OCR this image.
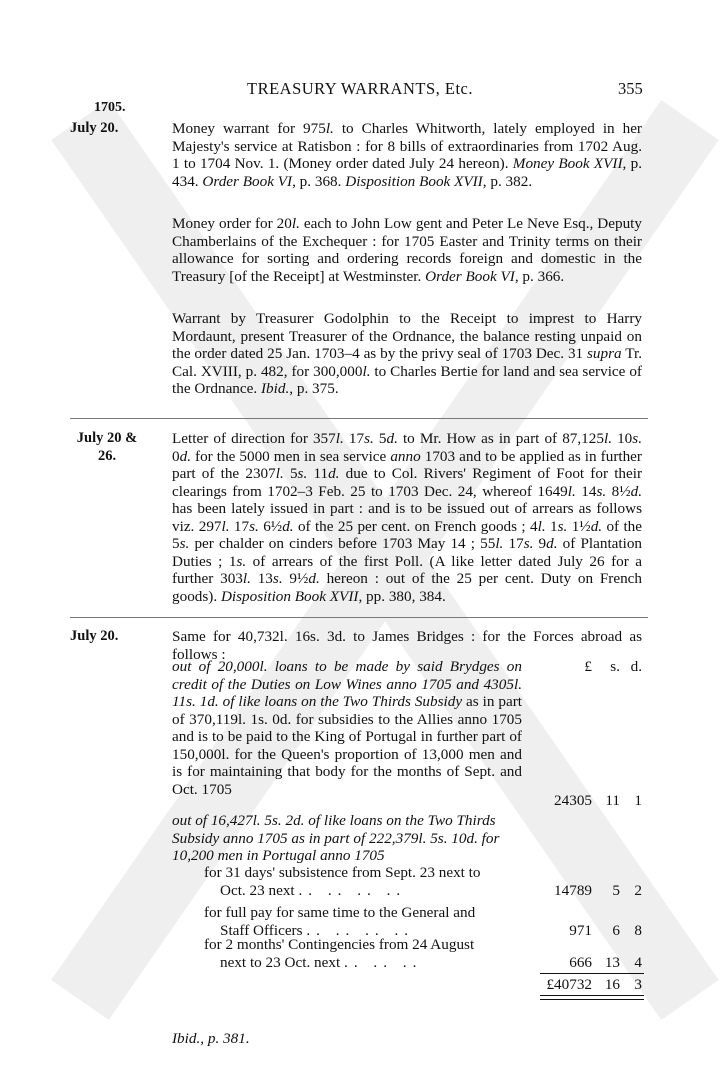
TREASURY WARRANTS, Etc.	355
1705.
July 20.	Money warrant for 975l. to Charles Whitworth, lately employed in her Majesty's service at Ratisbon : for 8 bills of extraordinaries from 1702 Aug. 1 to 1704 Nov. 1. (Money order dated July 24 hereon). Money Book XVII, p. 434. Order Book VI, p. 368. Disposition Book XVII, p. 382.
Money order for 20l. each to John Low gent and Peter Le Neve Esq., Deputy Chamberlains of the Exchequer : for 1705 Easter and Trinity terms on their allowance for sorting and ordering records foreign and domestic in the Treasury [of the Receipt] at Westminster. Order Book VI, p. 366.
Warrant by Treasurer Godolphin to the Receipt to imprest to Harry Mordaunt, present Treasurer of the Ordnance, the balance resting unpaid on the order dated 25 Jan. 1703–4 as by the privy seal of 1703 Dec. 31 supra Tr. Cal. XVIII, p. 482, for 300,000l. to Charles Bertie for land and sea service of the Ordnance. Ibid., p. 375.
July 20 &
26.
Letter of direction for 357l. 17s. 5d. to Mr. How as in part of 87,125l. 10s. 0d. for the 5000 men in sea service anno 1703 and to be applied as in further part of the 2307l. 5s. 11d. due to Col. Rivers' Regiment of Foot for their clearings from 1702–3 Feb. 25 to 1703 Dec. 24, whereof 1649l. 14s. 8½d. has been lately issued in part : and is to be issued out of arrears as follows viz. 297l. 17s. 6½d. of the 25 per cent. on French goods ; 4l. 1s. 1½d. of the 5s. per chalder on cinders before 1703 May 14 ; 55l. 17s. 9d. of Plantation Duties ; 1s. of arrears of the first Poll. (A like letter dated July 26 for a further 303l. 13s. 9½d. hereon : out of the 25 per cent. Duty on French goods). Disposition Book XVII, pp. 380, 384.
July 20.	Same for 40,732l. 16s. 3d. to James Bridges : for the Forces abroad as follows :
£	s. d.
out of 20,000l. loans to be made by said Brydges on credit of the Duties on Low Wines anno 1705 and 4305l. 11s. 1d. of like loans on the Two Thirds Subsidy as in part of 370,119l. 1s. 0d. for subsidies to the Allies anno 1705 and is to be paid to the King of Portugal in further part of 150,000l. for the Queen's proportion of 13,000 men and is for maintaining that body for the months of Sept. and Oct. 1705
24305 11 1
out of 16,427l. 5s. 2d. of like loans on the Two Thirds Subsidy anno 1705 as in part of 222,379l. 5s. 10d. for 10,200 men in Portugal anno 1705
for 31 days' subsistence from Sept. 23 next to
Oct. 23 next .. .. .. ..	14789	5 2
for full pay for same time to the General and
Staff Officers .. .. .. ..	971	6 8
for 2 months' Contingencies from 24 August
next to 23 Oct. next .. .. ..	666 13 4
£40732 16 3
Ibid., p. 381.
